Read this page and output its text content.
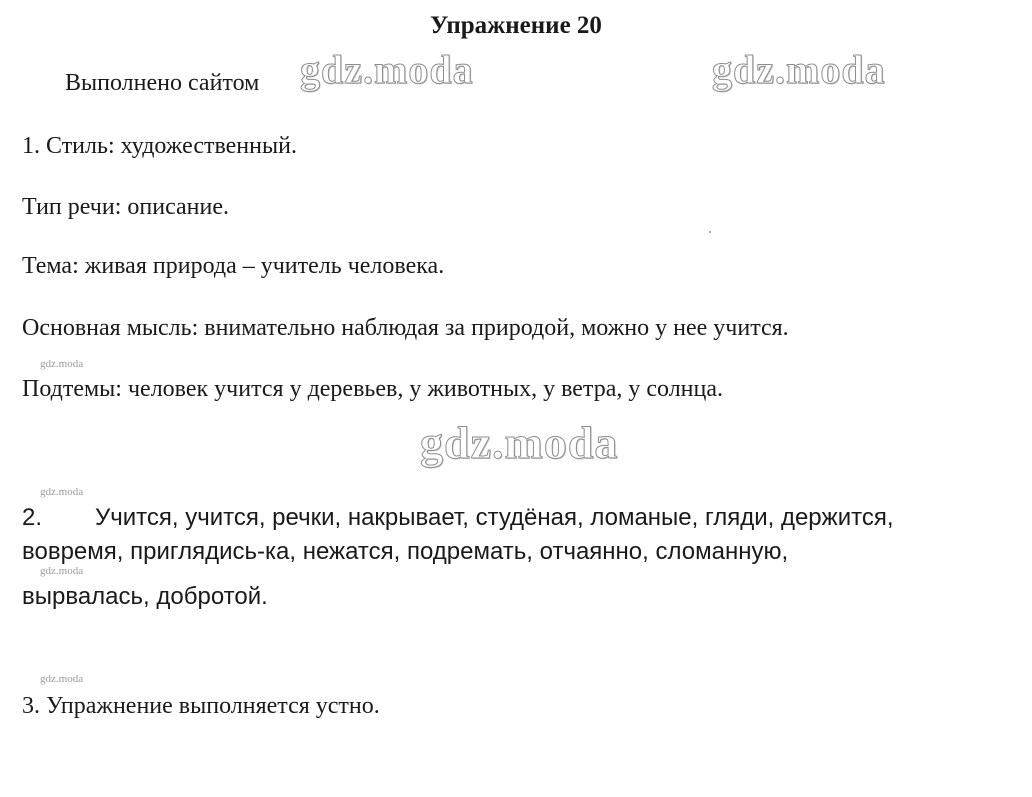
Упражнение 20
gdz.moda	gdz.moda
Выполнено сайтом
1. Стиль: художественный.
Тип речи: описание.
Тема: живая природа – учитель человека.
Основная мысль: внимательно наблюдая за природой, можно у нее учится.
gdz.moda
Подтемы: человек учится у деревьев, у животных, у ветра, у солнца.
gdz.moda
gdz.moda
2. Учится, учится, речки, накрывает, студёная, ломаные, гляди, держится,
вовремя, приглядись-ка, нежатся, подремать, отчаянно, сломанную,
gdz.moda
вырвалась, добротой.
gdz.moda
3. Упражнение выполняется устно.
